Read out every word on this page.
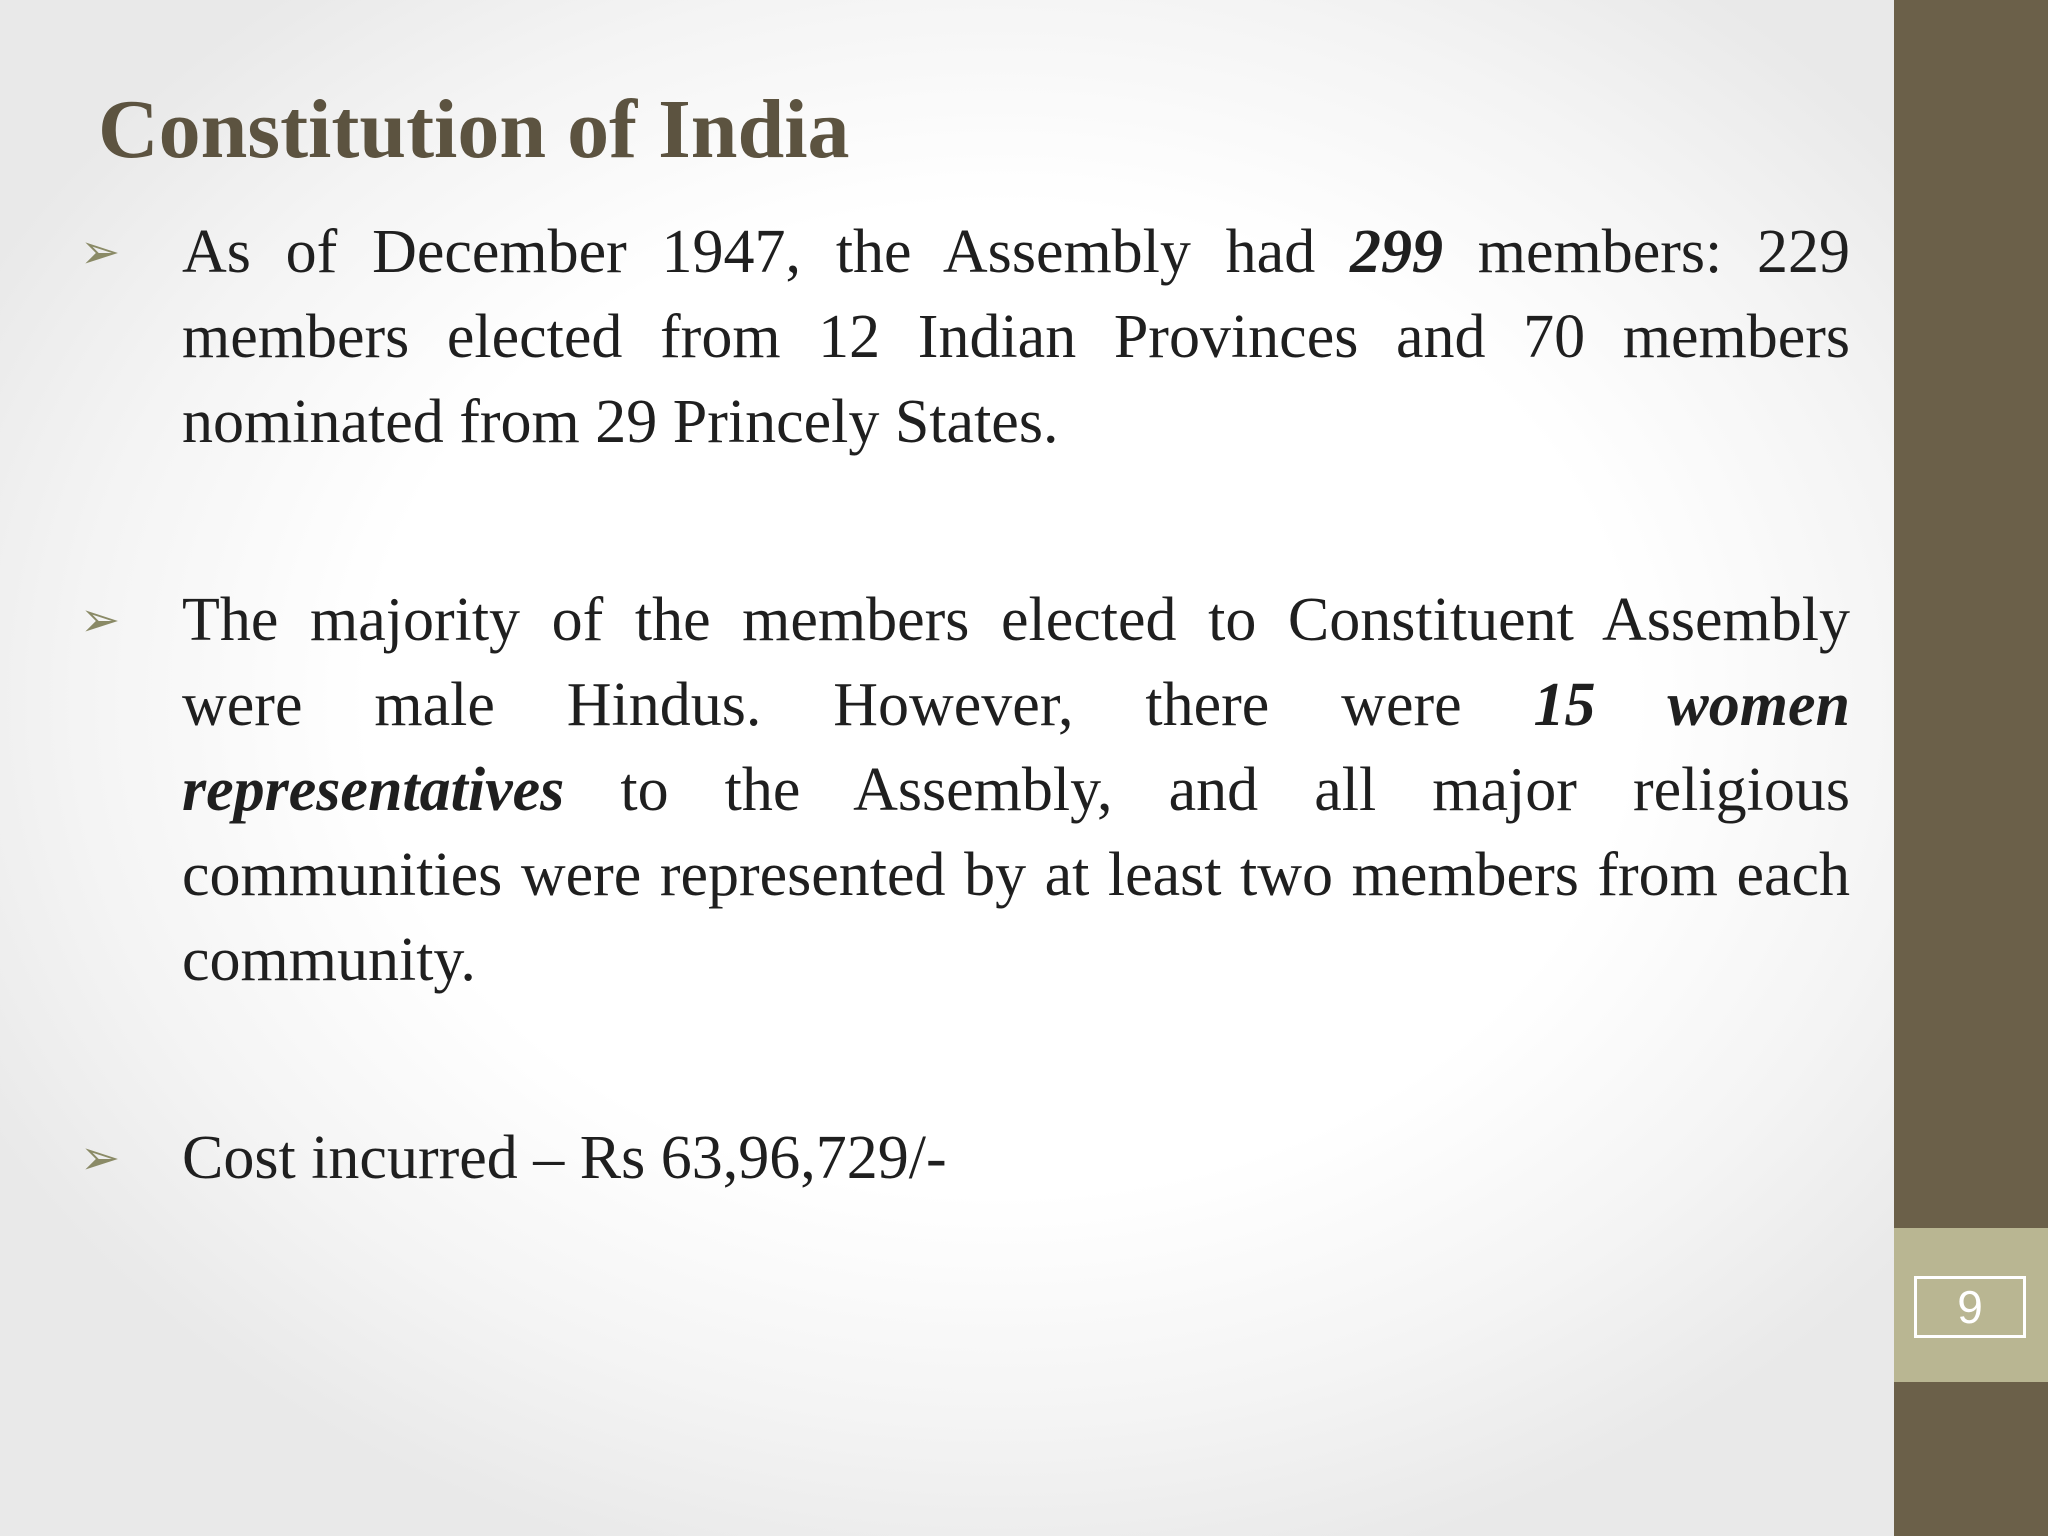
9
Constitution of India
➢ As of December 1947, the Assembly had 299 members: 229 members elected from 12 Indian Provinces and 70 members nominated from 29 Princely States.
➢ The majority of the members elected to Constituent Assembly were male Hindus. However, there were 15 women representatives to the Assembly, and all major religious communities were represented by at least two members from each community.
➢ Cost incurred – Rs 63,96,729/-
